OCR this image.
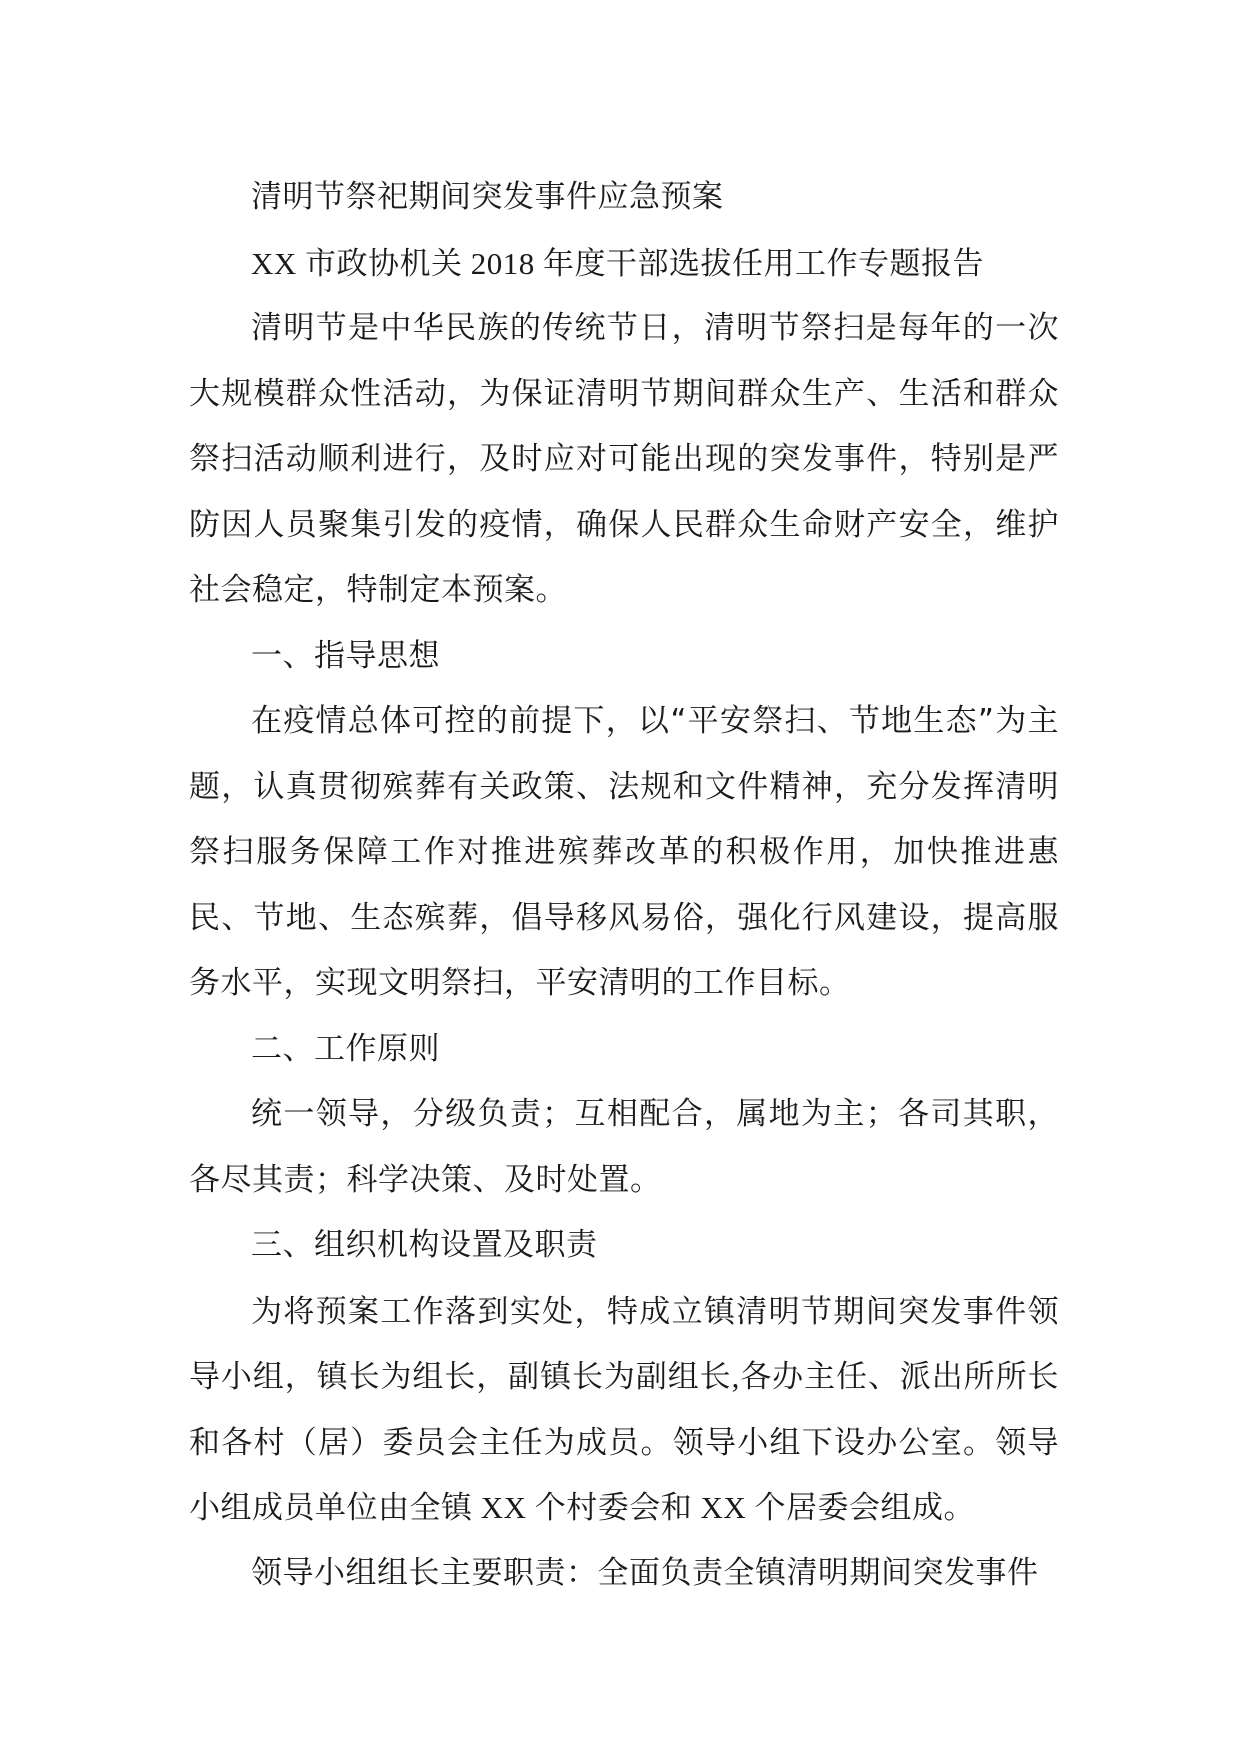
清明节祭祀期间突发事件应急预案

XX 市政协机关 2018 年度干部选拔任用工作专题报告

清明节是中华民族的传统节日，清明节祭扫是每年的一次大规模群众性活动，为保证清明节期间群众生产、生活和群众祭扫活动顺利进行，及时应对可能出现的突发事件，特别是严防因人员聚集引发的疫情，确保人民群众生命财产安全，维护社会稳定，特制定本预案。

一、指导思想

在疫情总体可控的前提下，以“平安祭扫、节地生态”为主题，认真贯彻殡葬有关政策、法规和文件精神，充分发挥清明祭扫服务保障工作对推进殡葬改革的积极作用，加快推进惠民、节地、生态殡葬，倡导移风易俗，强化行风建设，提高服务水平，实现文明祭扫，平安清明的工作目标。

二、工作原则

统一领导，分级负责；互相配合，属地为主；各司其职，各尽其责；科学决策、及时处置。

三、组织机构设置及职责

为将预案工作落到实处，特成立镇清明节期间突发事件领导小组，镇长为组长，副镇长为副组长,各办主任、派出所所长和各村（居）委员会主任为成员。领导小组下设办公室。领导小组成员单位由全镇 XX 个村委会和 XX 个居委会组成。

领导小组组长主要职责：全面负责全镇清明期间突发事件
